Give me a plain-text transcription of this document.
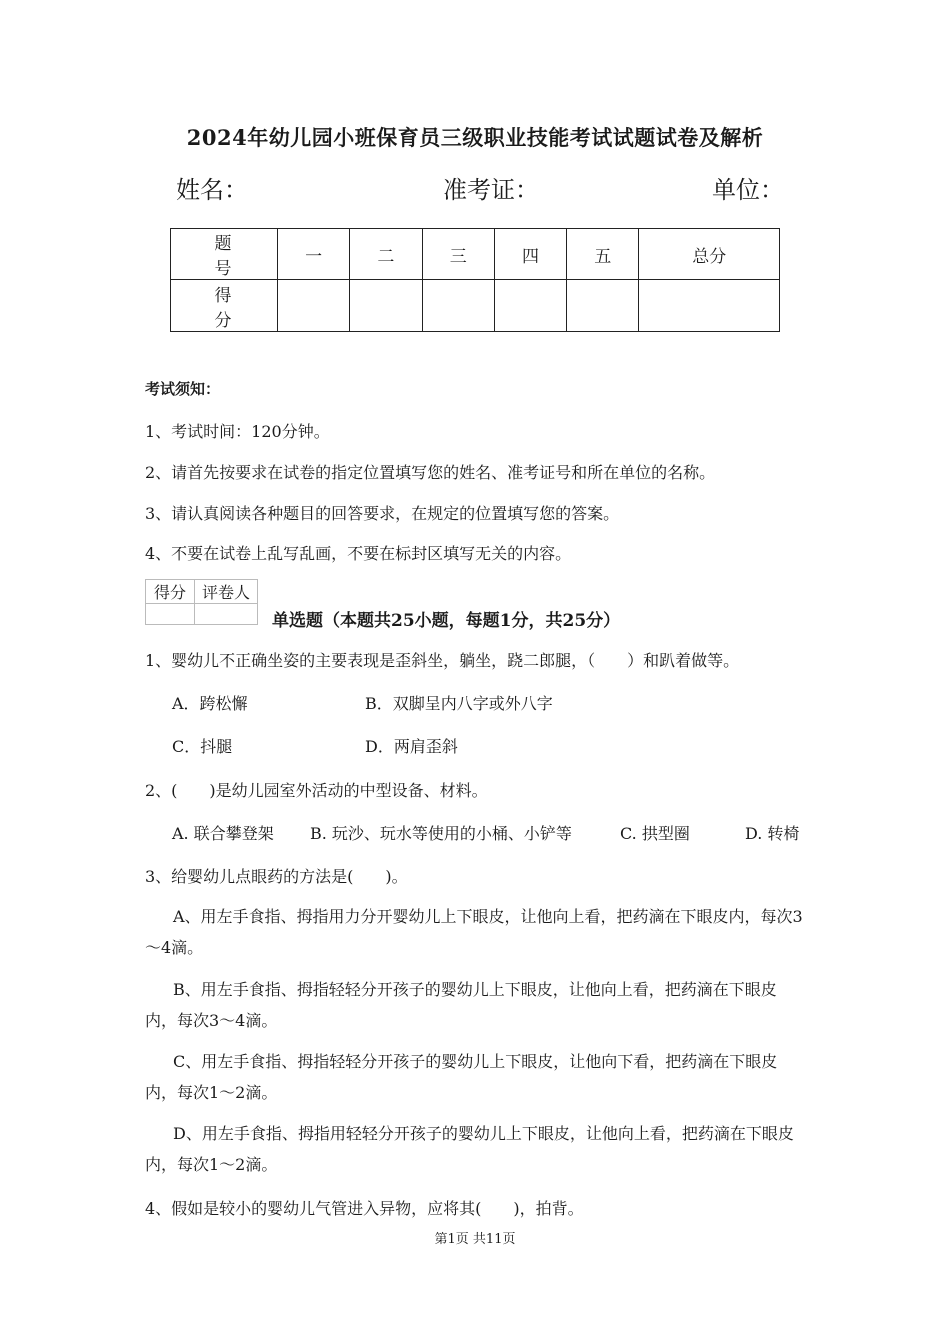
2024年幼儿园小班保育员三级职业技能考试试题试卷及解析
姓名：	准考证：	单位：
题 号	一	二	三	四	五	总分
得 分						
考试须知：
1、考试时间：120分钟。
2、请首先按要求在试卷的指定位置填写您的姓名、准考证号和所在单位的名称。
3、请认真阅读各种题目的回答要求，在规定的位置填写您的答案。
4、不要在试卷上乱写乱画，不要在标封区填写无关的内容。
得分	评卷人

单选题（本题共25小题，每题1分，共25分）
1、婴幼儿不正确坐姿的主要表现是歪斜坐，躺坐，跷二郎腿，（　　）和趴着做等。
A．跨松懈	B．双脚呈内八字或外八字
C．抖腿	D．两肩歪斜
2、(　　)是幼儿园室外活动的中型设备、材料。
A. 联合攀登架 B. 玩沙、玩水等使用的小桶、小铲等	C. 拱型圈	D. 转椅
3、给婴幼儿点眼药的方法是(　　)。
A、用左手食指、拇指用力分开婴幼儿上下眼皮，让他向上看，把药滴在下眼皮内，每次3～4滴。
B、用左手食指、拇指轻轻分开孩子的婴幼儿上下眼皮，让他向上看，把药滴在下眼皮内，每次3～4滴。
C、用左手食指、拇指轻轻分开孩子的婴幼儿上下眼皮，让他向下看，把药滴在下眼皮内，每次1～2滴。
D、用左手食指、拇指用轻轻分开孩子的婴幼儿上下眼皮，让他向上看，把药滴在下眼皮内，每次1～2滴。
4、假如是较小的婴幼儿气管进入异物，应将其(　　)，拍背。
第1页 共11页
